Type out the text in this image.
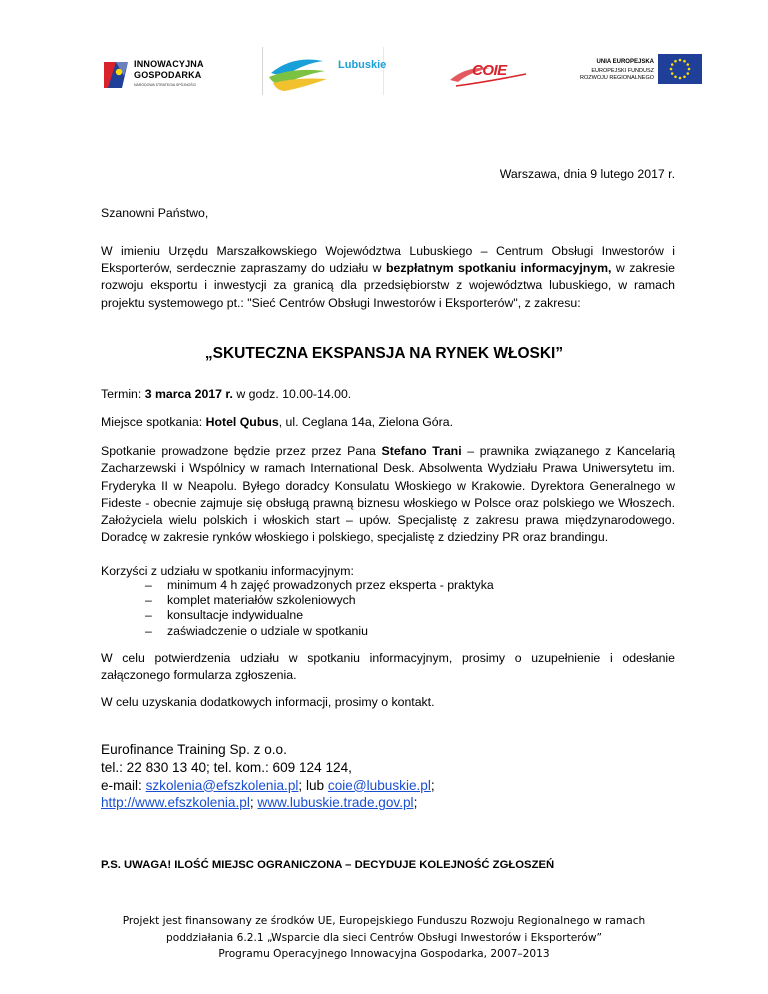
INNOWACYJNA
GOSPODARKA
NARODOWA STRATEGIA SPÓJNOŚCI
Lubuskie	COIE	UNIA EUROPEJSKA
EUROPEJSKI FUNDUSZ
ROZWOJU REGIONALNEGO

Warszawa, dnia 9 lutego 2017 r.

Szanowni Państwo,

W imieniu Urzędu Marszałkowskiego Województwa Lubuskiego – Centrum Obsługi Inwestorów i Eksporterów, serdecznie zapraszamy do udziału w bezpłatnym spotkaniu informacyjnym, w zakresie rozwoju eksportu i inwestycji za granicą dla przedsiębiorstw z województwa lubuskiego, w ramach projektu systemowego pt.: "Sieć Centrów Obsługi Inwestorów i Eksporterów", z zakresu:

„SKUTECZNA EKSPANSJA NA RYNEK WŁOSKI”

Termin: 3 marca 2017 r. w godz. 10.00-14.00.

Miejsce spotkania: Hotel Qubus, ul. Ceglana 14a, Zielona Góra.

Spotkanie prowadzone będzie przez przez Pana Stefano Trani – prawnika związanego z Kancelarią Zacharzewski i Wspólnicy w ramach International Desk. Absolwenta Wydziału Prawa Uniwersytetu im. Fryderyka II w Neapolu. Byłego doradcy Konsulatu Włoskiego w Krakowie. Dyrektora Generalnego w Fideste - obecnie zajmuje się obsługą prawną biznesu włoskiego w Polsce oraz polskiego we Włoszech. Założyciela wielu polskich i włoskich start – upów. Specjalistę z zakresu prawa międzynarodowego. Doradcę w zakresie rynków włoskiego i polskiego, specjalistę z dziedziny PR oraz brandingu.

Korzyści z udziału w spotkaniu informacyjnym:

– minimum 4 h zajęć prowadzonych przez eksperta - praktyka
– komplet materiałów szkoleniowych
– konsultacje indywidualne
– zaświadczenie o udziale w spotkaniu

W celu potwierdzenia udziału w spotkaniu informacyjnym, prosimy o uzupełnienie i odesłanie załączonego formularza zgłoszenia.

W celu uzyskania dodatkowych informacji, prosimy o kontakt.

Eurofinance Training Sp. z o.o.
tel.: 22 830 13 40; tel. kom.: 609 124 124,
e-mail: szkolenia@efszkolenia.pl; lub coie@lubuskie.pl;
http://www.efszkolenia.pl; www.lubuskie.trade.gov.pl;

P.S. UWAGA! ILOŚĆ MIEJSC OGRANICZONA – DECYDUJE KOLEJNOŚĆ ZGŁOSZEŃ

Projekt jest finansowany ze środków UE, Europejskiego Funduszu Rozwoju Regionalnego w ramach
poddziałania 6.2.1 „Wsparcie dla sieci Centrów Obsługi Inwestorów i Eksporterów”
Programu Operacyjnego Innowacyjna Gospodarka, 2007–2013
